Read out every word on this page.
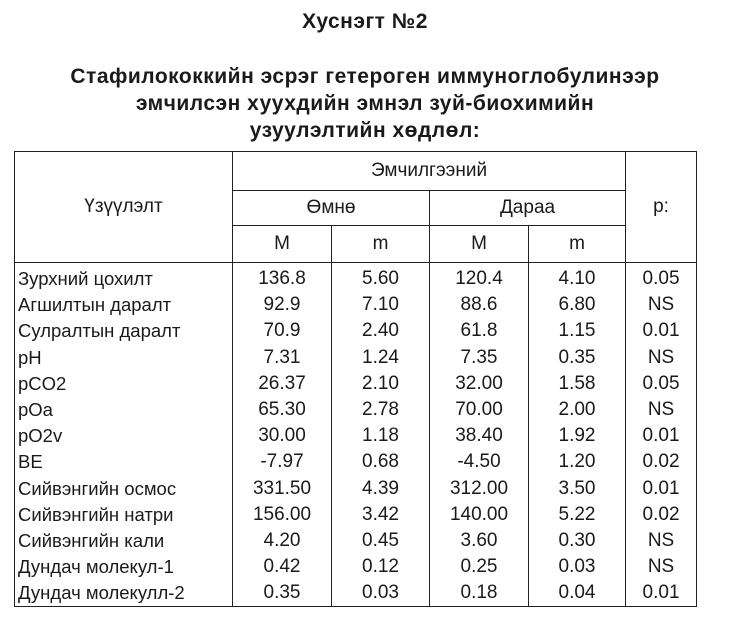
Хуснэгт №2
Стафилококкийн эсрэг гетероген иммуноглобулинээр
эмчилсэн хуухдийн эмнэл зуй-биохимийн
узуулэлтийн хөдлөл:
Үзүүлэлт	Эмчилгээний				p:
	Өмнө		Дараа		
	M	m	M	m	
Зурхний цохилт	136.8	5.60	120.4	4.10	0.05
Агшилтын даралт	92.9	7.10	88.6	6.80	NS
Сулралтын даралт	70.9	2.40	61.8	1.15	0.01
pH	7.31	1.24	7.35	0.35	NS
pCO2	26.37	2.10	32.00	1.58	0.05
pOa	65.30	2.78	70.00	2.00	NS
pO2v	30.00	1.18	38.40	1.92	0.01
BE	-7.97	0.68	-4.50	1.20	0.02
Сийвэнгийн осмос	331.50	4.39	312.00	3.50	0.01
Сийвэнгийн натри	156.00	3.42	140.00	5.22	0.02
Сийвэнгийн кали	4.20	0.45	3.60	0.30	NS
Дундач молекул-1	0.42	0.12	0.25	0.03	NS
Дундач молекулл-2	0.35	0.03	0.18	0.04	0.01
